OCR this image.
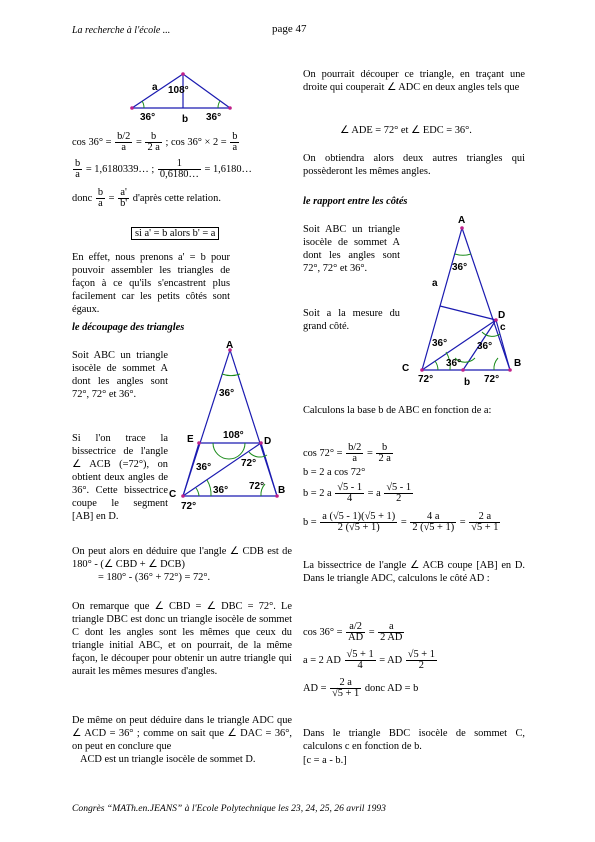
La recherche à l'école ...	page 47
a 108°
b
36°	36°
$\cos 36^\circ = \frac{b/2}{a} = \frac{b}{2 a}$ ; $\cos 36^\circ \times 2 = \frac{b}{a}$
$\frac{b}{a}$ = 1,6180339… ; $\frac{1}{0,6180\dots}$ = 1,6180…
donc $\frac{b}{a} = \frac{a'}{b'}$ d'après cette relation.
si a' = b alors b' = a
En effet, nous prenons a' = b pour pouvoir assembler les triangles de façon à ce qu'ils s'encastrent plus facilement car les petits côtés sont égaux.
le découpage des triangles
Soit ABC un triangle isocèle de sommet A dont les angles sont 72°, 72° et 36°.
Si l'on trace la bissectrice de l'angle ∠ ACB (=72°), on obtient deux angles de 36°. Cette bissectrice coupe le segment [AB] en D.
A
B
C
D
E
36°
108°
36°
36°
72°
72°
72°
On peut alors en déduire que l'angle ∠ CDB est de 180° - (∠ CBD + ∠ DCB)
= 180° - (36° + 72°) = 72°.
On remarque que ∠ CBD = ∠ DBC = 72°. Le triangle DBC est donc un triangle isocèle de sommet C dont les angles sont les mêmes que ceux du triangle initial ABC, et on pourrait, de la même façon, le découper pour obtenir un autre triangle qui aurait les mêmes mesures d'angles.
De même on peut déduire dans le triangle ADC que ∠ ACD = 36° ; comme on sait que ∠ DAC = 36°, on peut en conclure que
ACD est un triangle isocèle de sommet D.
On pourrait découper ce triangle, en traçant une droite qui couperait ∠ ADC en deux angles tels que
∠ ADE = 72° et ∠ EDC = 36°.
On obtiendra alors deux autres triangles qui possèderont les mêmes angles.
le rapport entre les côtés
Soit ABC un triangle isocèle de sommet A dont les angles sont 72°, 72° et 36°.
Soit a la mesure du grand côté.
A
B
C
D
a
b
c
36°
36°
36°
36°
72°	72°
Calculons la base b de ABC en fonction de a:
$\cos 72^\circ = \frac{b/2}{a} = \frac{b}{2 a}$
b = 2 a cos 72°
b = 2 a $\frac{√5 - 1}{4} = a \frac{√5 - 1}{2}$
$b = \frac{a (√5 - 1)(√5 + 1)}{2 (√5 + 1)} = \frac{4 a}{2 (√5 + 1)} = \frac{2 a}{√5 + 1}$
La bissectrice de l'angle ∠ ACB coupe [AB] en D. Dans le triangle ADC, calculons le côté AD :
$\cos 36^\circ = \frac{a/2}{AD} = \frac{a}{2 AD}$
a = 2 AD $\frac{√5 + 1}{4}$ = AD $\frac{√5 + 1}{2}$
AD = $\frac{2 a}{√5 + 1}$ donc AD = b
Dans le triangle BDC isocèle de sommet C, calculons c en fonction de b.
[c = a - b.]
Congrès “MATh.en.JEANS” à l'Ecole Polytechnique les 23, 24, 25, 26 avril 1993
